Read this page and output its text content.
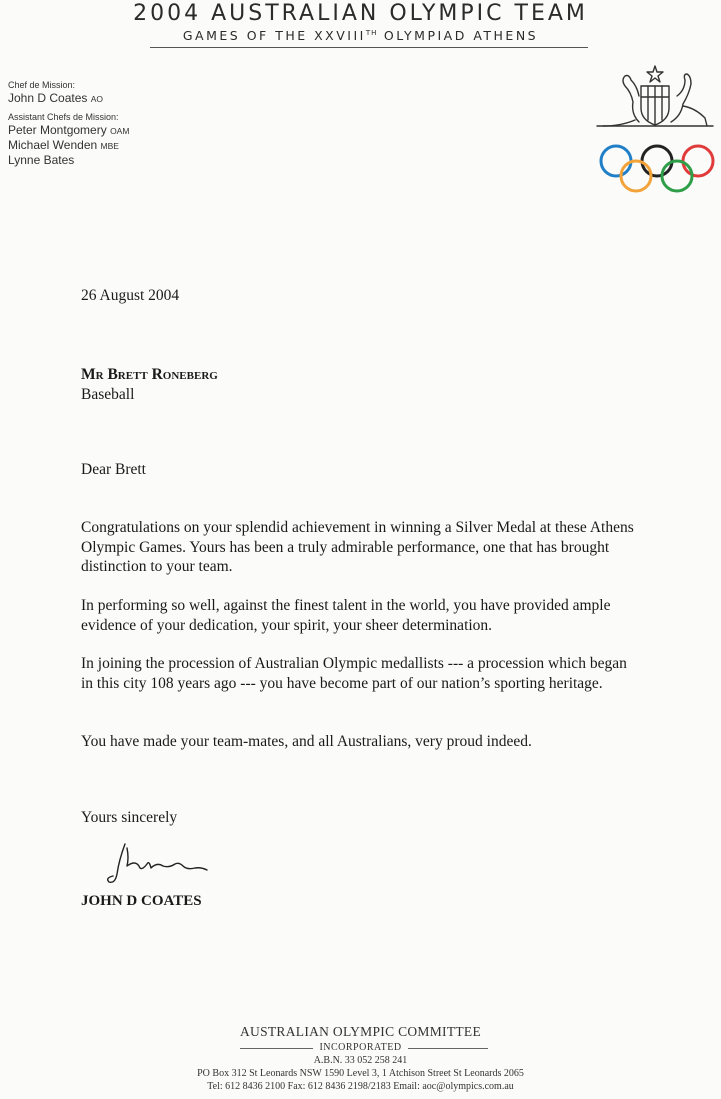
2004 AUSTRALIAN OLYMPIC TEAM
GAMES OF THE XXVIIITH OLYMPIAD ATHENS
Chef de Mission:
John D Coates AO
Assistant Chefs de Mission:
Peter Montgomery OAM
Michael Wenden MBE
Lynne Bates
26 August 2004
Mr Brett Roneberg
Baseball
Dear Brett
Congratulations on your splendid achievement in winning a Silver Medal at these Athens Olympic Games. Yours has been a truly admirable performance, one that has brought distinction to your team.
In performing so well, against the finest talent in the world, you have provided ample evidence of your dedication, your spirit, your sheer determination.
In joining the procession of Australian Olympic medallists --- a procession which began in this city 108 years ago --- you have become part of our nation’s sporting heritage.
You have made your team-mates, and all Australians, very proud indeed.
Yours sincerely
JOHN D COATES
AUSTRALIAN OLYMPIC COMMITTEE
INCORPORATED
A.B.N. 33 052 258 241
PO Box 312 St Leonards NSW 1590 Level 3, 1 Atchison Street St Leonards 2065
Tel: 612 8436 2100 Fax: 612 8436 2198/2183 Email: aoc@olympics.com.au
